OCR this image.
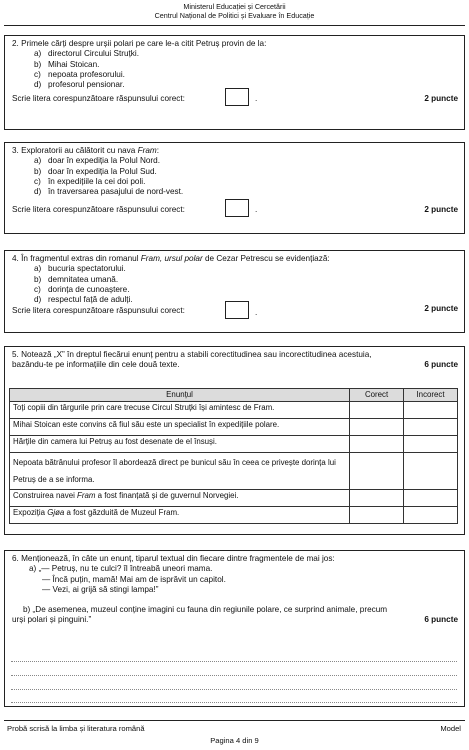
Ministerul Educației și Cercetării
Centrul Național de Politici și Evaluare în Educație
2. Primele cărți despre urșii polari pe care le-a citit Petruș provin de la:
a) directorul Circului Struțki.
b) Mihai Stoican.
c) nepoata profesorului.
d) profesorul pensionar.
Scrie litera corespunzătoare răspunsului corect:	.	2 puncte
3. Exploratorii au călătorit cu nava Fram:
a) doar în expediția la Polul Nord.
b) doar în expediția la Polul Sud.
c) în expedițiile la cei doi poli.
d) în traversarea pasajului de nord-vest.
Scrie litera corespunzătoare răspunsului corect:	.	2 puncte
4. În fragmentul extras din romanul Fram, ursul polar de Cezar Petrescu se evidențiază:
a) bucuria spectatorului.
b) demnitatea umană.
c) dorința de cunoaștere.
d) respectul față de adulți.
2 puncte
Scrie litera corespunzătoare răspunsului corect:	.
5. Notează „X” în dreptul fiecărui enunț pentru a stabili corectitudinea sau incorectitudinea acestuia,
bazându-te pe informațiile din cele două texte.	6 puncte
Enunțul	Corect	Incorect
Toți copiii din târgurile prin care trecuse Circul Struțki își amintesc de Fram.		
Mihai Stoican este convins că fiul său este un specialist în expedițiile polare.		
Hărțile din camera lui Petruș au fost desenate de el însuși.		
Nepoata bătrânului profesor îl abordează direct pe bunicul său în ceea ce privește dorința lui Petruș de a se informa.		
Construirea navei Fram a fost finanțată și de guvernul Norvegiei.		
Expoziția Gjøa a fost găzduită de Muzeul Fram.		
6. Menționează, în câte un enunț, tiparul textual din fiecare dintre fragmentele de mai jos:
a) „— Petruș, nu te culci? îl întreabă uneori mama.
— Încă puțin, mamă! Mai am de isprăvit un capitol.
— Vezi, ai grijă să stingi lampa!”
b) „De asemenea, muzeul conține imagini cu fauna din regiunile polare, ce surprind animale, precum
urși polari și pinguini.”	6 puncte
Probă scrisă la limba și literatura română	Model
Pagina 4 din 9
